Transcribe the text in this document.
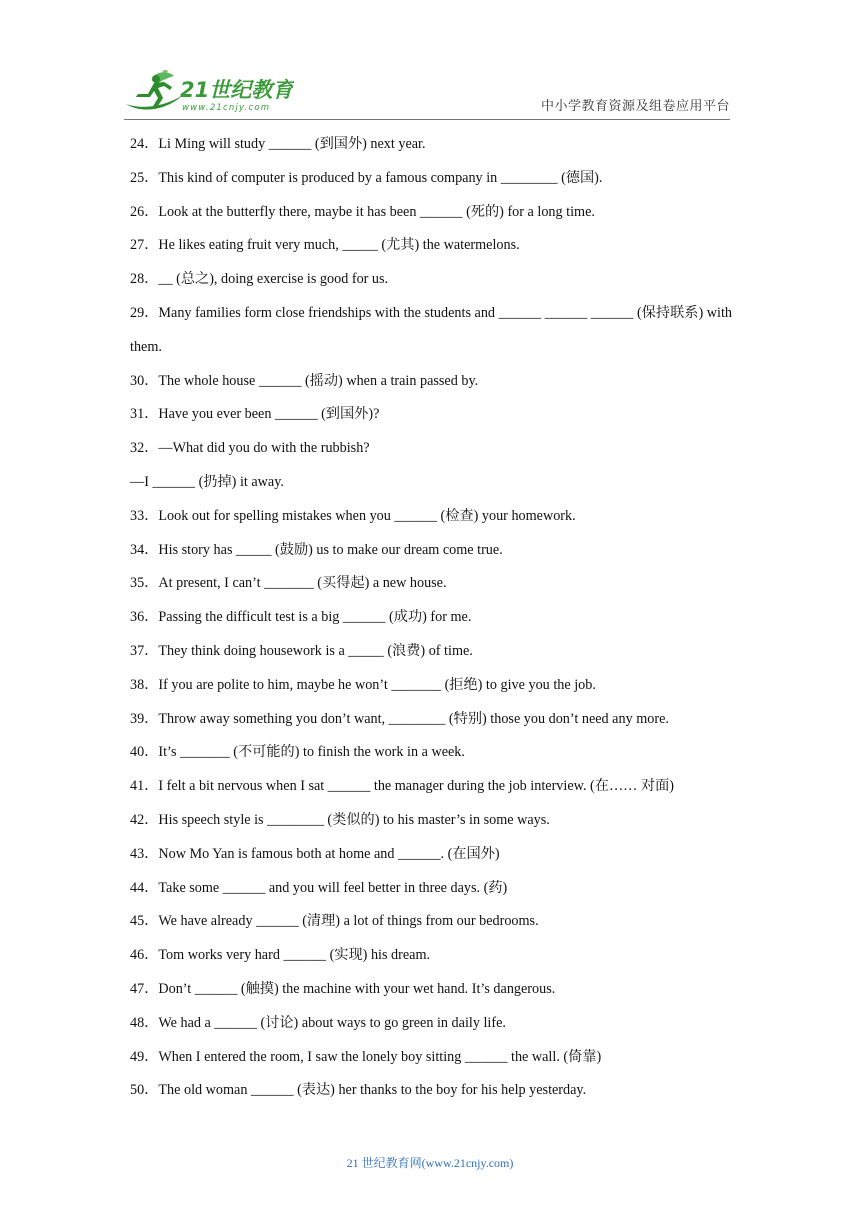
21世纪教育
www.21cnjy.com	中小学教育资源及组卷应用平台
24．Li Ming will study ______ (到国外) next year.
25．This kind of computer is produced by a famous company in ________ (德国).
26．Look at the butterfly there, maybe it has been ______ (死的) for a long time.
27．He likes eating fruit very much, _____ (尤其) the watermelons.
28．__ (总之), doing exercise is good for us.
29．Many families form close friendships with the students and ______ ______ ______ (保持联系) with them.
30．The whole house ______ (摇动) when a train passed by.
31．Have you ever been ______ (到国外)?
32．—What did you do with the rubbish?
—I ______ (扔掉) it away.
33．Look out for spelling mistakes when you ______ (检查) your homework.
34．His story has _____ (鼓励) us to make our dream come true.
35．At present, I can’t _______ (买得起) a new house.
36．Passing the difficult test is a big ______ (成功) for me.
37．They think doing housework is a _____ (浪费) of time.
38．If you are polite to him, maybe he won’t _______ (拒绝) to give you the job.
39．Throw away something you don’t want, ________ (特别) those you don’t need any more.
40．It’s _______ (不可能的) to finish the work in a week.
41．I felt a bit nervous when I sat ______ the manager during the job interview. (在…… 对面)
42．His speech style is ________ (类似的) to his master’s in some ways.
43．Now Mo Yan is famous both at home and ______. (在国外)
44．Take some ______ and you will feel better in three days. (药)
45．We have already ______ (清理) a lot of things from our bedrooms.
46．Tom works very hard ______ (实现) his dream.
47．Don’t ______ (触摸) the machine with your wet hand. It’s dangerous.
48．We had a ______ (讨论) about ways to go green in daily life.
49．When I entered the room, I saw the lonely boy sitting ______ the wall. (倚靠)
50．The old woman ______ (表达) her thanks to the boy for his help yesterday.
21 世纪教育网(www.21cnjy.com)
